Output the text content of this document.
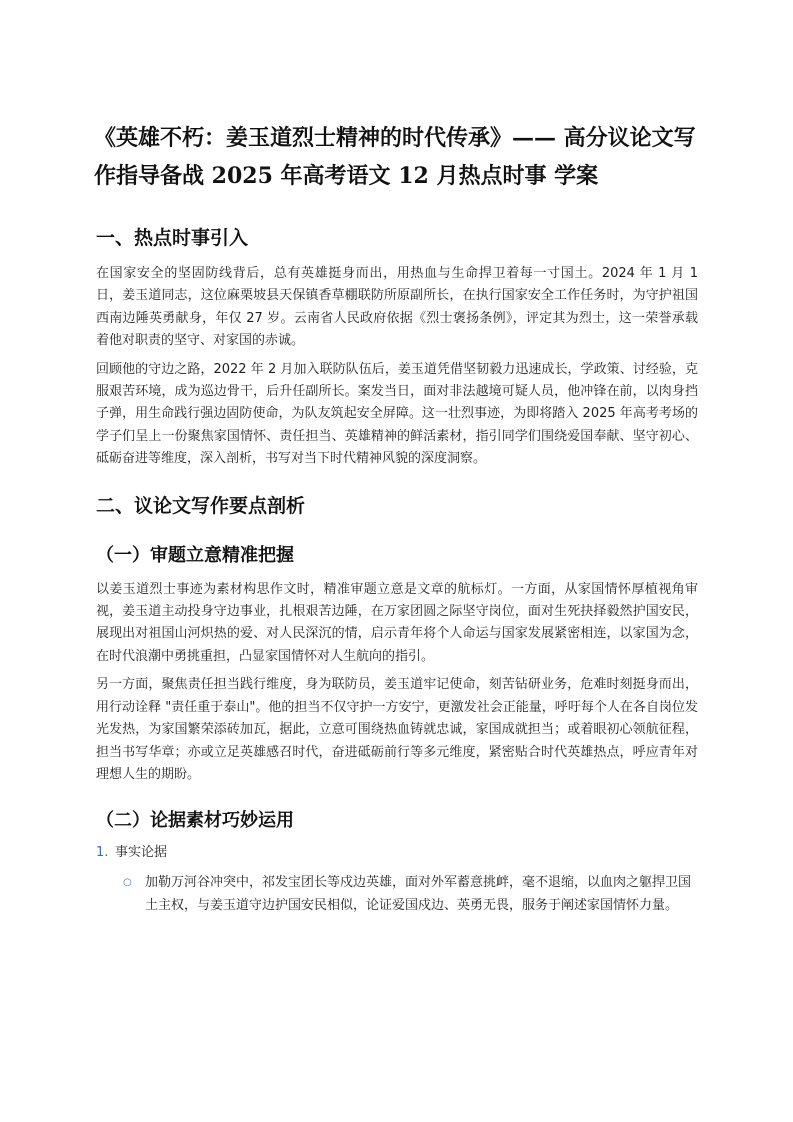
《英雄不朽：姜玉道烈士精神的时代传承》—— 高分议论文写作指导备战 2025 年高考语文 12 月热点时事 学案
一、热点时事引入

在国家安全的坚固防线背后，总有英雄挺身而出，用热血与生命捍卫着每一寸国土。2024 年 1 月 1 日，姜玉道同志，这位麻栗坡县天保镇香草棚联防所原副所长，在执行国家安全工作任务时，为守护祖国西南边陲英勇献身，年仅 27 岁。云南省人民政府依据《烈士褒扬条例》，评定其为烈士，这一荣誉承载着他对职责的坚守、对家国的赤诚。

回顾他的守边之路，2022 年 2 月加入联防队伍后，姜玉道凭借坚韧毅力迅速成长，学政策、讨经验，克服艰苦环境，成为巡边骨干，后升任副所长。案发当日，面对非法越境可疑人员，他冲锋在前，以肉身挡子弹，用生命践行强边固防使命，为队友筑起安全屏障。这一壮烈事迹，为即将踏入 2025 年高考考场的学子们呈上一份聚焦家国情怀、责任担当、英雄精神的鲜活素材，指引同学们围绕爱国奉献、坚守初心、砥砺奋进等维度，深入剖析，书写对当下时代精神风貌的深度洞察。

二、议论文写作要点剖析
（一）审题立意精准把握

以姜玉道烈士事迹为素材构思作文时，精准审题立意是文章的航标灯。一方面，从家国情怀厚植视角审视，姜玉道主动投身守边事业，扎根艰苦边陲，在万家团圆之际坚守岗位，面对生死抉择毅然护国安民，展现出对祖国山河炽热的爱、对人民深沉的情，启示青年将个人命运与国家发展紧密相连，以家国为念，在时代浪潮中勇挑重担，凸显家国情怀对人生航向的指引。

另一方面，聚焦责任担当践行维度，身为联防员，姜玉道牢记使命，刻苦钻研业务，危难时刻挺身而出，用行动诠释 "责任重于泰山"。他的担当不仅守护一方安宁，更激发社会正能量，呼吁每个人在各自岗位发光发热，为家国繁荣添砖加瓦，据此，立意可围绕热血铸就忠诚，家国成就担当；或着眼初心领航征程，担当书写华章；亦或立足英雄感召时代，奋进砥砺前行等多元维度，紧密贴合时代英雄热点，呼应青年对理想人生的期盼。

（二）论据素材巧妙运用
1. 事实论据
○	加勒万河谷冲突中，祁发宝团长等戍边英雄，面对外军蓄意挑衅，毫不退缩，以血肉之躯捍卫国土主权，与姜玉道守边护国安民相似，论证爱国戍边、英勇无畏，服务于阐述家国情怀力量。
